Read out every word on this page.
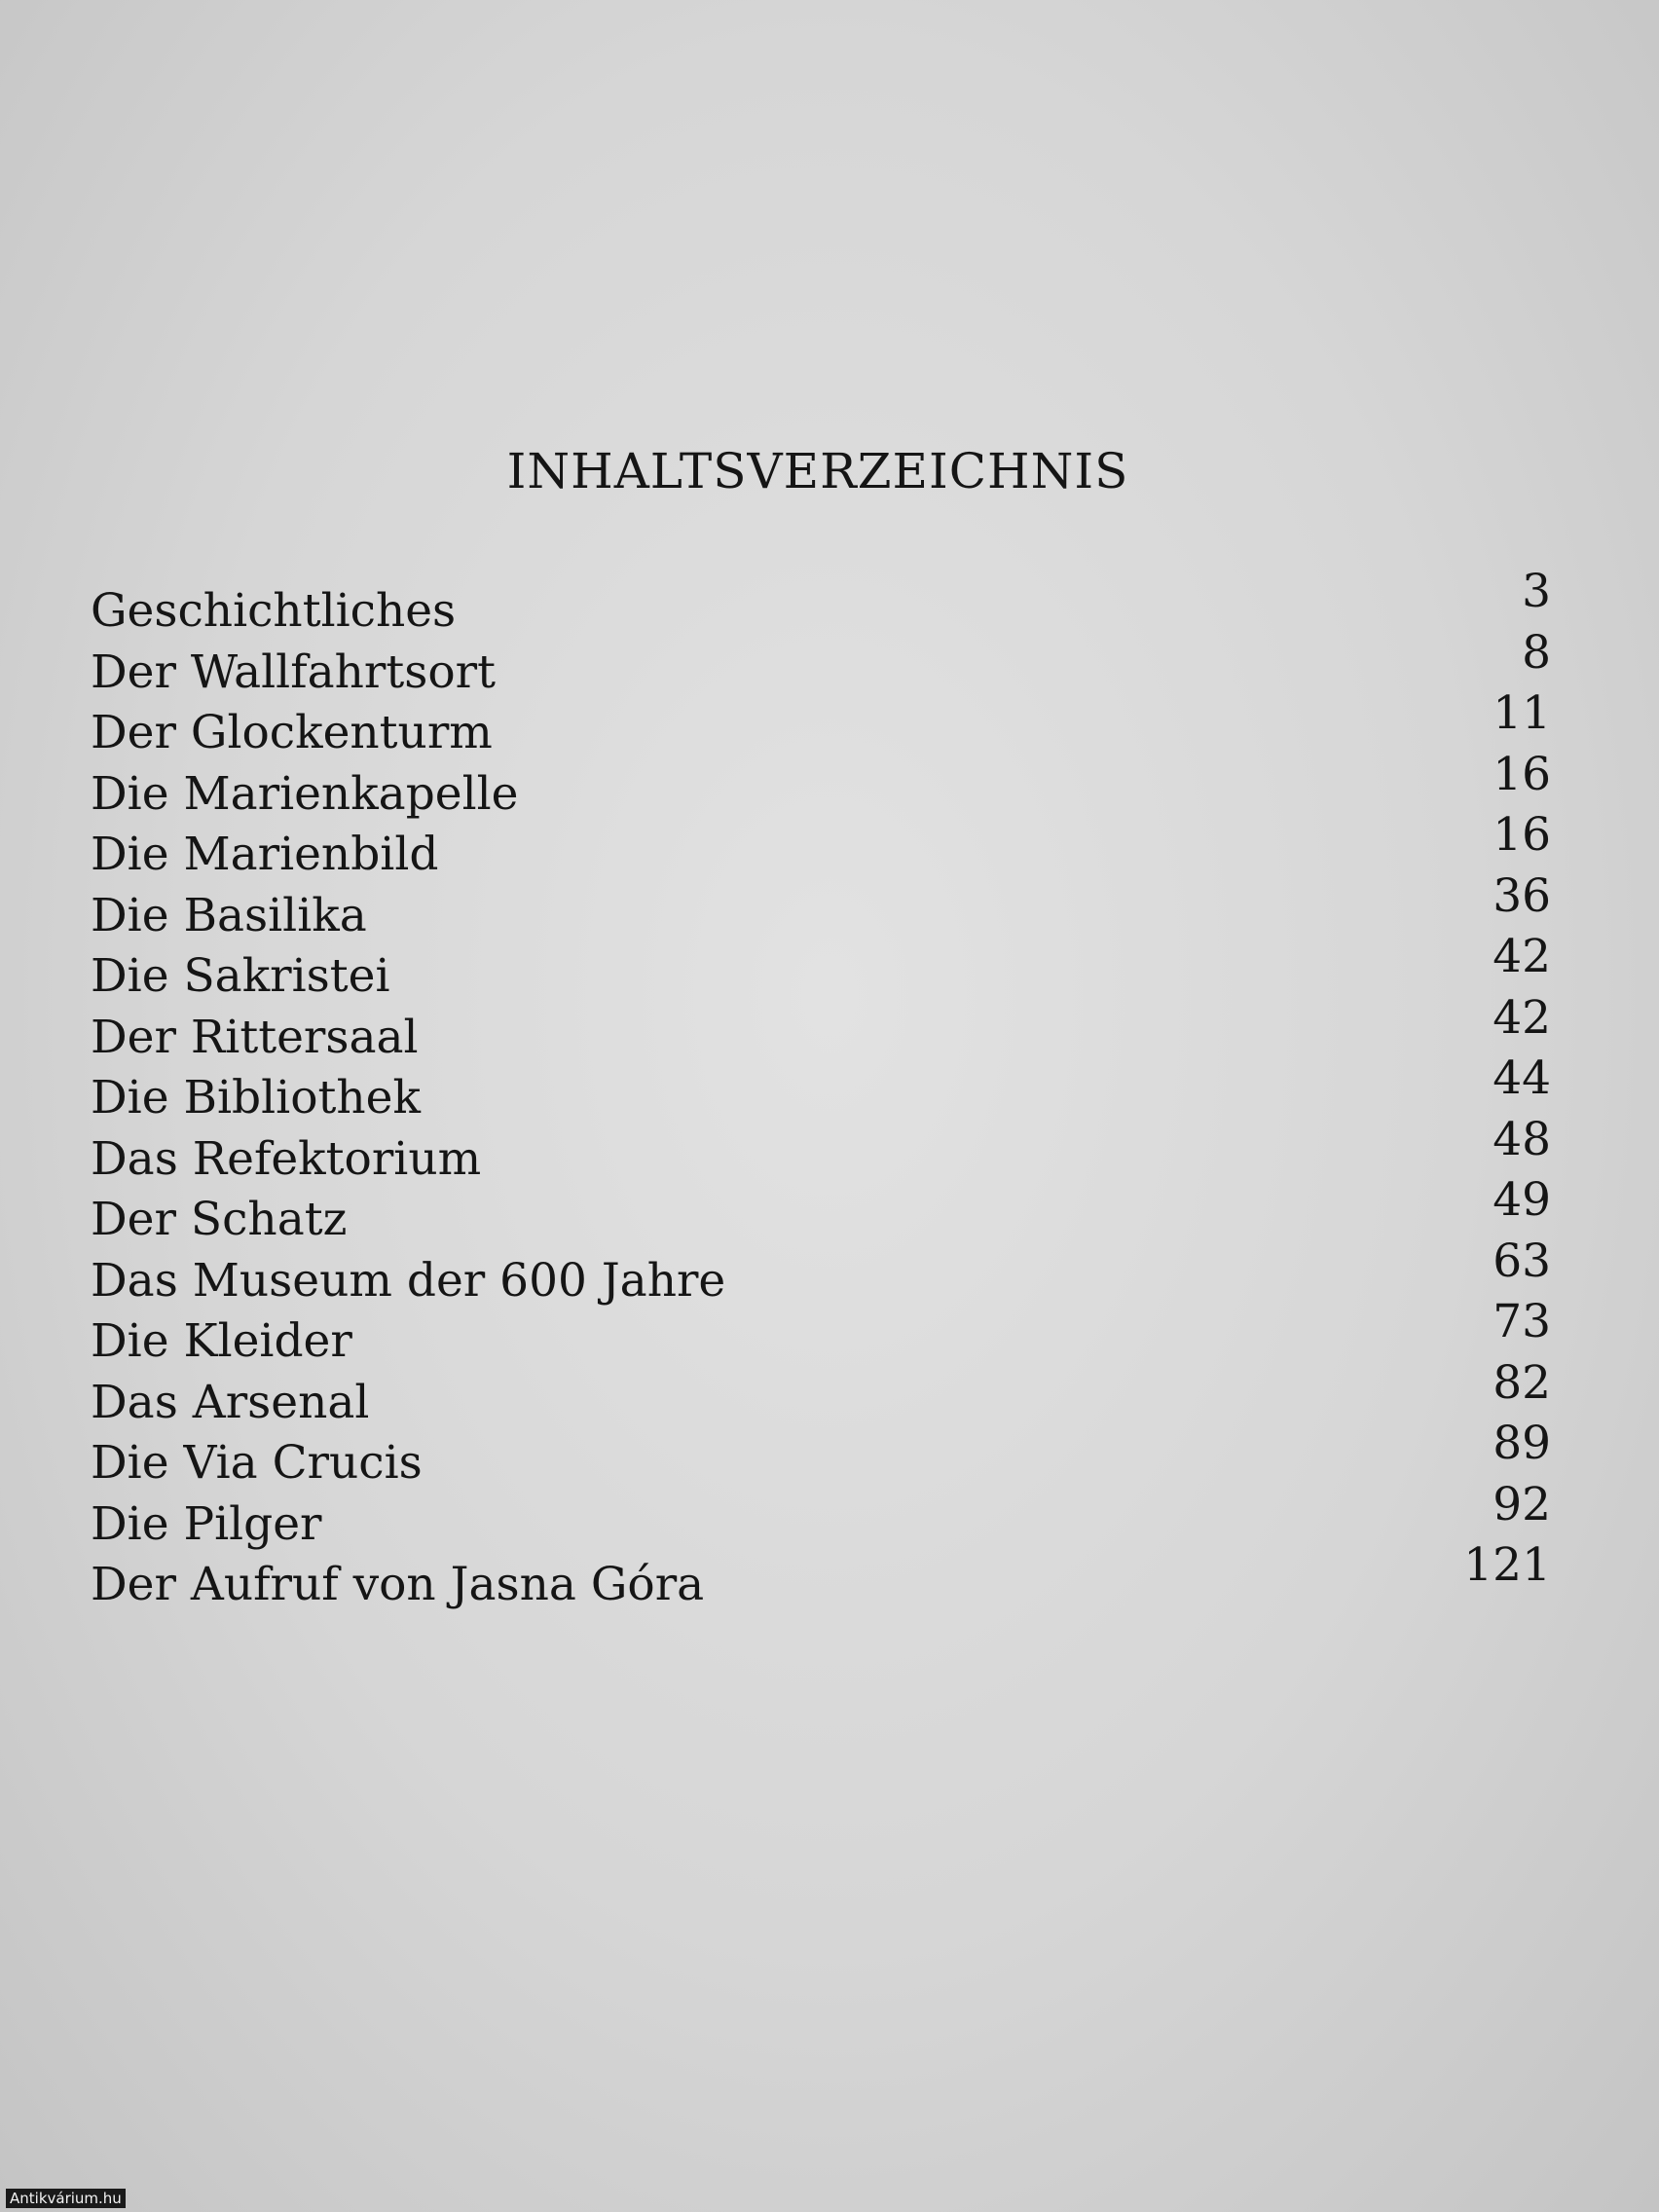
INHALTSVERZEICHNIS
Geschichtliches	3
Der Wallfahrtsort	8
Der Glockenturm	11
Die Marienkapelle	16
Die Marienbild	16
Die Basilika	36
Die Sakristei	42
Der Rittersaal	42
Die Bibliothek	44
Das Refektorium	48
Der Schatz	49
Das Museum der 600 Jahre	63
Die Kleider	73
Das Arsenal	82
Die Via Crucis	89
Die Pilger	92
Der Aufruf von Jasna Góra	121
Antikvárium.hu
